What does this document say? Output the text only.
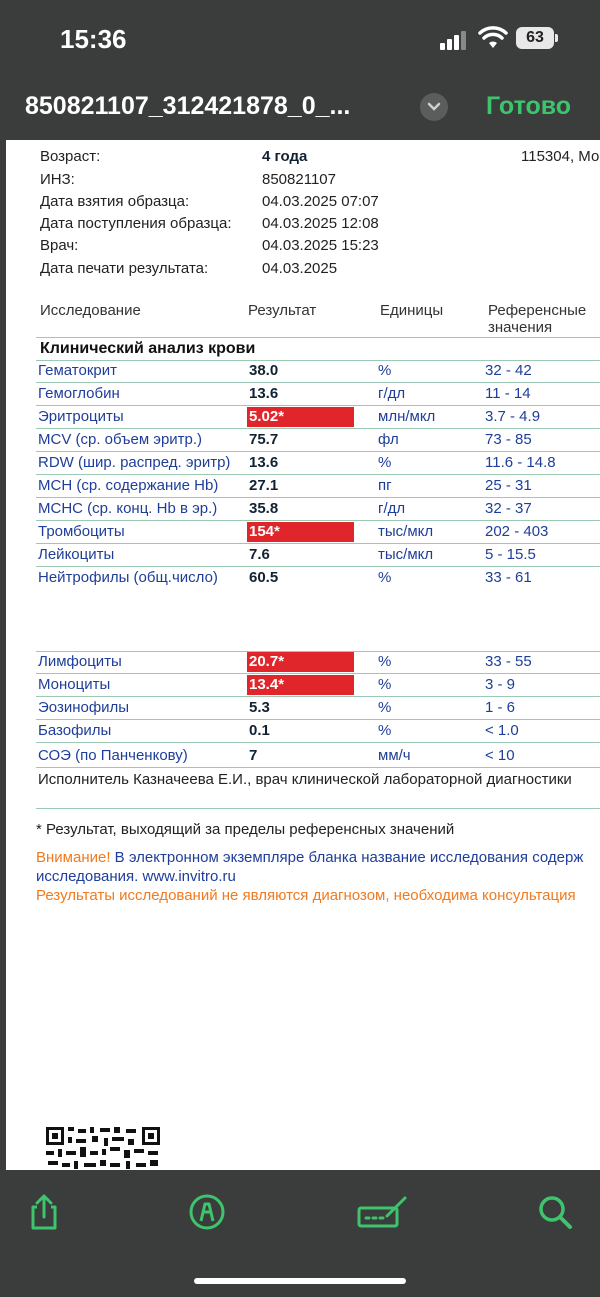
15:36	63
850821107_312421878_0_...	Готово
115304, Мо
Возраст:	4 года
ИНЗ:	850821107
Дата взятия образца:	04.03.2025 07:07
Дата поступления образца: 04.03.2025 12:08
Врач:	04.03.2025 15:23
Дата печати результата:	04.03.2025
Исследование	Результат	Единицы	Референсные
значения
Клинический анализ крови
Гематокрит	38.0	%	32 - 42
Гемоглобин	13.6	г/дл	11 - 14
Эритроциты	5.02*	млн/мкл	3.7 - 4.9
MCV (ср. объем эритр.)	75.7	фл	73 - 85
RDW (шир. распред. эритр) 13.6	%	11.6 - 14.8
MCH (ср. содержание Hb) 27.1	пг	25 - 31
MCHC (ср. конц. Hb в эр.) 35.8	г/дл	32 - 37
Тромбоциты	154*	тыс/мкл	202 - 403
Лейкоциты	7.6	тыс/мкл	5 - 15.5
Нейтрофилы (общ.число) 60.5	%	33 - 61
Лимфоциты	20.7*	%	33 - 55
Моноциты	13.4*	%	3 - 9
Эозинофилы	5.3	%	1 - 6
Базофилы	0.1	%	< 1.0
СОЭ (по Панченкову)	7	мм/ч	< 10
Исполнитель Казначеева Е.И., врач клинической лабораторной диагностики
* Результат, выходящий за пределы референсных значений
Внимание! В электронном экземпляре бланка название исследования содерж
исследования. www.invitro.ru
Результаты исследований не являются диагнозом, необходима консультация
